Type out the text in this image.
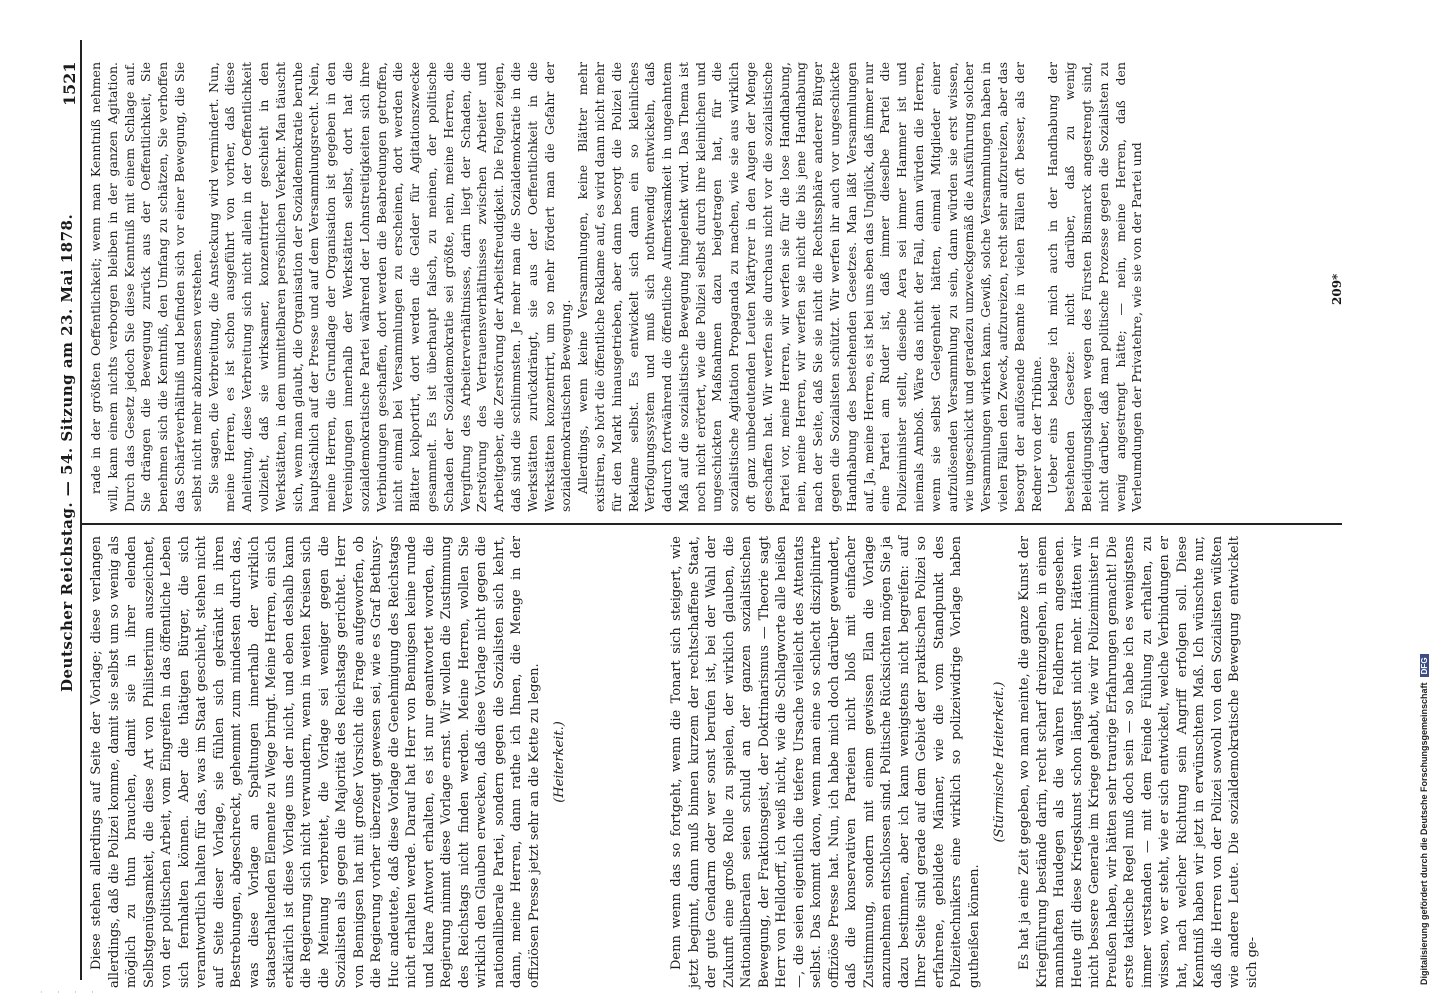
Deutscher Reichstag. — 54. Sitzung am 23. Mai 1878.
1521

Diese stehen allerdings auf Seite der Vorlage; diese verlangen allerdings, daß die Polizei komme, damit sie selbst um so wenig als möglich zu thun brauchen, damit sie in ihrer elenden Selbstgenügsamkeit, die diese Art von Philisterium auszeichnet, von der politischen Arbeit, vom Eingreifen in das öffentliche Leben sich fernhalten können. Aber die thätigen Bürger, die sich verantwortlich halten für das, was im Staat geschieht, stehen nicht auf Seite dieser Vorlage, sie fühlen sich gekränkt in ihren Bestrebungen, abgeschreckt, gehemmt zum mindesten durch das, was diese Vorlage an Spaltungen innerhalb der wirklich staatserhaltenden Elemente zu Wege bringt. Meine Herren, ein sich erklärlich ist diese Vorlage uns der nicht, und eben deshalb kann die Regierung sich nicht verwundern, wenn in weiten Kreisen sich die Meinung verbreitet, die Vorlage sei weniger gegen die Sozialisten als gegen die Majorität des Reichstags gerichtet. Herr von Bennigsen hat mit großer Vorsicht die Frage aufgeworfen, ob die Regierung vorher überzeugt gewesen sei, wie es Graf Bethusy-Huc andeutete, daß diese Vorlage die Genehmigung des Reichstags nicht erhalten werde. Darauf hat Herr von Bennigsen keine runde und klare Antwort erhalten, es ist nur geantwortet worden, die Regierung nimmt diese Vorlage ernst. Wir wollen die Zustimmung des Reichstags nicht finden werden. Meine Herren, wollen Sie wirklich den Glauben erwecken, daß diese Vorlage nicht gegen die nationalliberale Partei, sondern gegen die Sozialisten sich kehrt, dann, meine Herren, dann rathe ich Ihnen, die Menge in der offiziösen Presse jetzt sehr an die Kette zu legen. (Heiterkeit.)	Denn wenn das so fortgeht, wenn die Tonart sich steigert, wie jetzt beginnt, dann muß binnen kurzem der rechtschaffene Staat, der gute Gendarm oder wer sonst berufen ist, bei der Wahl der Zukunft eine große Rolle zu spielen, der wirklich glauben, die Nationalliberalen seien schuld an der ganzen sozialistischen Bewegung, der Fraktionsgeist, der Doktrinarismus — Theorie sagt Herr von Helldorff, ich weiß nicht, wie die Schlagworte alle heißen —, die seien eigentlich die tiefere Ursache vielleicht des Attentats selbst. Das kommt davon, wenn man eine so schlecht disziplinirte offiziöse Presse hat. Nun, ich habe mich doch darüber gewundert, daß die konservativen Parteien nicht bloß mit einfacher Zustimmung, sondern mit einem gewissen Elan die Vorlage anzunehmen entschlossen sind. Politische Rücksichten mögen Sie ja dazu bestimmen, aber ich kann wenigstens nicht begreifen: auf Ihrer Seite sind gerade auf dem Gebiet der praktischen Polizei so erfahrene, gebildete Männer, wie die vom Standpunkt des Polizeitechnikers eine wirklich so polizeiwidrige Vorlage haben gutheißen können.

(Stürmische Heiterkeit.) Es hat ja eine Zeit gegeben, wo man meinte, die ganze Kunst der Kriegführung bestände darin, recht scharf dreinzugehen, in einem mannhaften Haudegen als die wahren Feldherren angesehen. Heute gilt diese Kriegskunst schon längst nicht mehr. Hätten wir nicht bessere Generale im Kriege gehabt, wie wir Polizeiminister in Preußen haben, wir hätten sehr traurige Erfahrungen gemacht! Die erste taktische Regel muß doch sein — so habe ich es wenigstens immer verstanden — mit dem Feinde Fühlung zu erhalten, zu wissen, wo er steht, wie er sich entwickelt, welche Verbindungen er hat, nach welcher Richtung sein Angriff erfolgen soll. Diese Kenntniß haben wir jetzt in erwünschtem Maß. Ich wünschte nur, daß die Herren von der Polizei sowohl von den Sozialisten wüßten wie andere Leute. Die sozialdemokratische Bewegung entwickelt sich ge-

rade in der größten Oeffentlichkeit; wenn man Kenntniß nehmen will, kann einem nichts verborgen bleiben in der ganzen Agitation. Durch das Gesetz jedoch Sie diese Kenntniß mit einem Schlage auf. Sie drängen die Bewegung zurück aus der Oeffentlichkeit, Sie benehmen sich die Kenntniß, den Umfang zu schätzen, Sie verhoffen das Schärfeverhältniß und befinden sich vor einer Bewegung, die Sie selbst nicht mehr abzumessen verstehen. Sie sagen, die Verbreitung, die Ansteckung wird vermindert. Nun, meine Herren, es ist schon ausgeführt von vorher, daß diese Anleitung, diese Verbreitung sich nicht allein in der Oeffentlichkeit vollzieht, daß sie wirksamer, konzentrirter geschieht in den Werkstätten, in dem unmittelbaren persönlichen Verkehr. Man täuscht sich, wenn man glaubt, die Organisation der Sozialdemokratie beruhe hauptsächlich auf der Presse und auf dem Versammlungsrecht. Nein, meine Herren, die Grundlage der Organisation ist gegeben in den Vereinigungen innerhalb der Werkstätten selbst, dort hat die sozialdemokratische Partei während der Lohnstreitigkeiten sich ihre Verbindungen geschaffen, dort werden die Beabredungen getroffen, nicht einmal bei Versammlungen zu erscheinen, dort werden die Blätter kolportirt, dort werden die Gelder für Agitationszwecke gesammelt. Es ist überhaupt falsch, zu meinen, der politische Schaden der Sozialdemokratie sei größte, nein, meine Herren, die Vergiftung des Arbeiterverhältnisses, darin liegt der Schaden, die Zerstörung des Vertrauensverhältnisses zwischen Arbeiter und Arbeitgeber, die Zerstörung der Arbeitsfreudigkeit. Die Folgen zeigen, daß sind die schlimmsten. Je mehr man die Sozialdemokratie in die Werkstätten zurückdrängt, sie aus der Oeffentlichkeit in die Werkstätten konzentrirt, um so mehr fördert man die Gefahr der sozialdemokratischen Bewegung. Allerdings, wenn keine Versammlungen, keine Blätter mehr existiren, so hört die öffentliche Reklame auf, es wird dann nicht mehr für den Markt hinausgetrieben, aber dann besorgt die Polizei die Reklame selbst. Es entwickelt sich dann ein so kleinliches Verfolgungssystem und muß sich nothwendig entwickeln, daß dadurch fortwährend die öffentliche Aufmerksamkeit in ungeahntem Maß auf die sozialistische Bewegung hingelenkt wird. Das Thema ist noch nicht erörtert, wie die Polizei selbst durch ihre kleinlichen und ungeschickten Maßnahmen dazu beigetragen hat, für die sozialistische Agitation Propaganda zu machen, wie sie aus wirklich oft ganz unbedeutenden Leuten Märtyrer in den Augen der Menge geschaffen hat. Wir werfen sie durchaus nicht vor die sozialistische Partei vor, meine Herren, wir werfen sie für die lose Handhabung, nein, meine Herren, wir werfen sie nicht die bis jene Handhabung nach der Seite, daß Sie sie nicht die Rechtssphäre anderer Bürger gegen die Sozialisten schützt. Wir werfen ihr auch vor ungeschickte Handhabung des bestehenden Gesetzes. Man läßt Versammlungen auf. Ja, meine Herren, es ist bei uns eben das Unglück, daß immer nur eine Partei am Ruder ist, daß immer dieselbe Partei die Polizeiminister stellt, dieselbe Aera sei immer Hammer ist und niemals Amboß. Wäre das nicht der Fall, dann würden die Herren, wenn sie selbst Gelegenheit hätten, einmal Mitglieder einer aufzulösenden Versammlung zu sein, dann würden sie erst wissen, wie ungeschickt und geradezu unzweckgemäß die Ausführung solcher Versammlungen wirken kann. Gewiß, solche Versammlungen haben in vielen Fällen den Zweck, aufzureizen, recht sehr aufzureizen, aber das besorgt der auflösende Beamte in vielen Fällen oft besser, als der Redner von der Tribüne. Ueber eins beklage ich mich auch in der Handhabung der bestehenden Gesetze: nicht darüber, daß zu wenig Beleidigungsklagen wegen des Fürsten Bismarck angestrengt sind, nicht darüber, daß man politische Prozesse gegen die Sozialisten zu wenig angestrengt hätte; — nein, meine Herren, daß den Verleumdungen der Privatehre, wie sie von der Partei und	209*
Digitalisierung gefördert durch die Deutsche Forschungsgemeinschaft DFG
· · · ·
